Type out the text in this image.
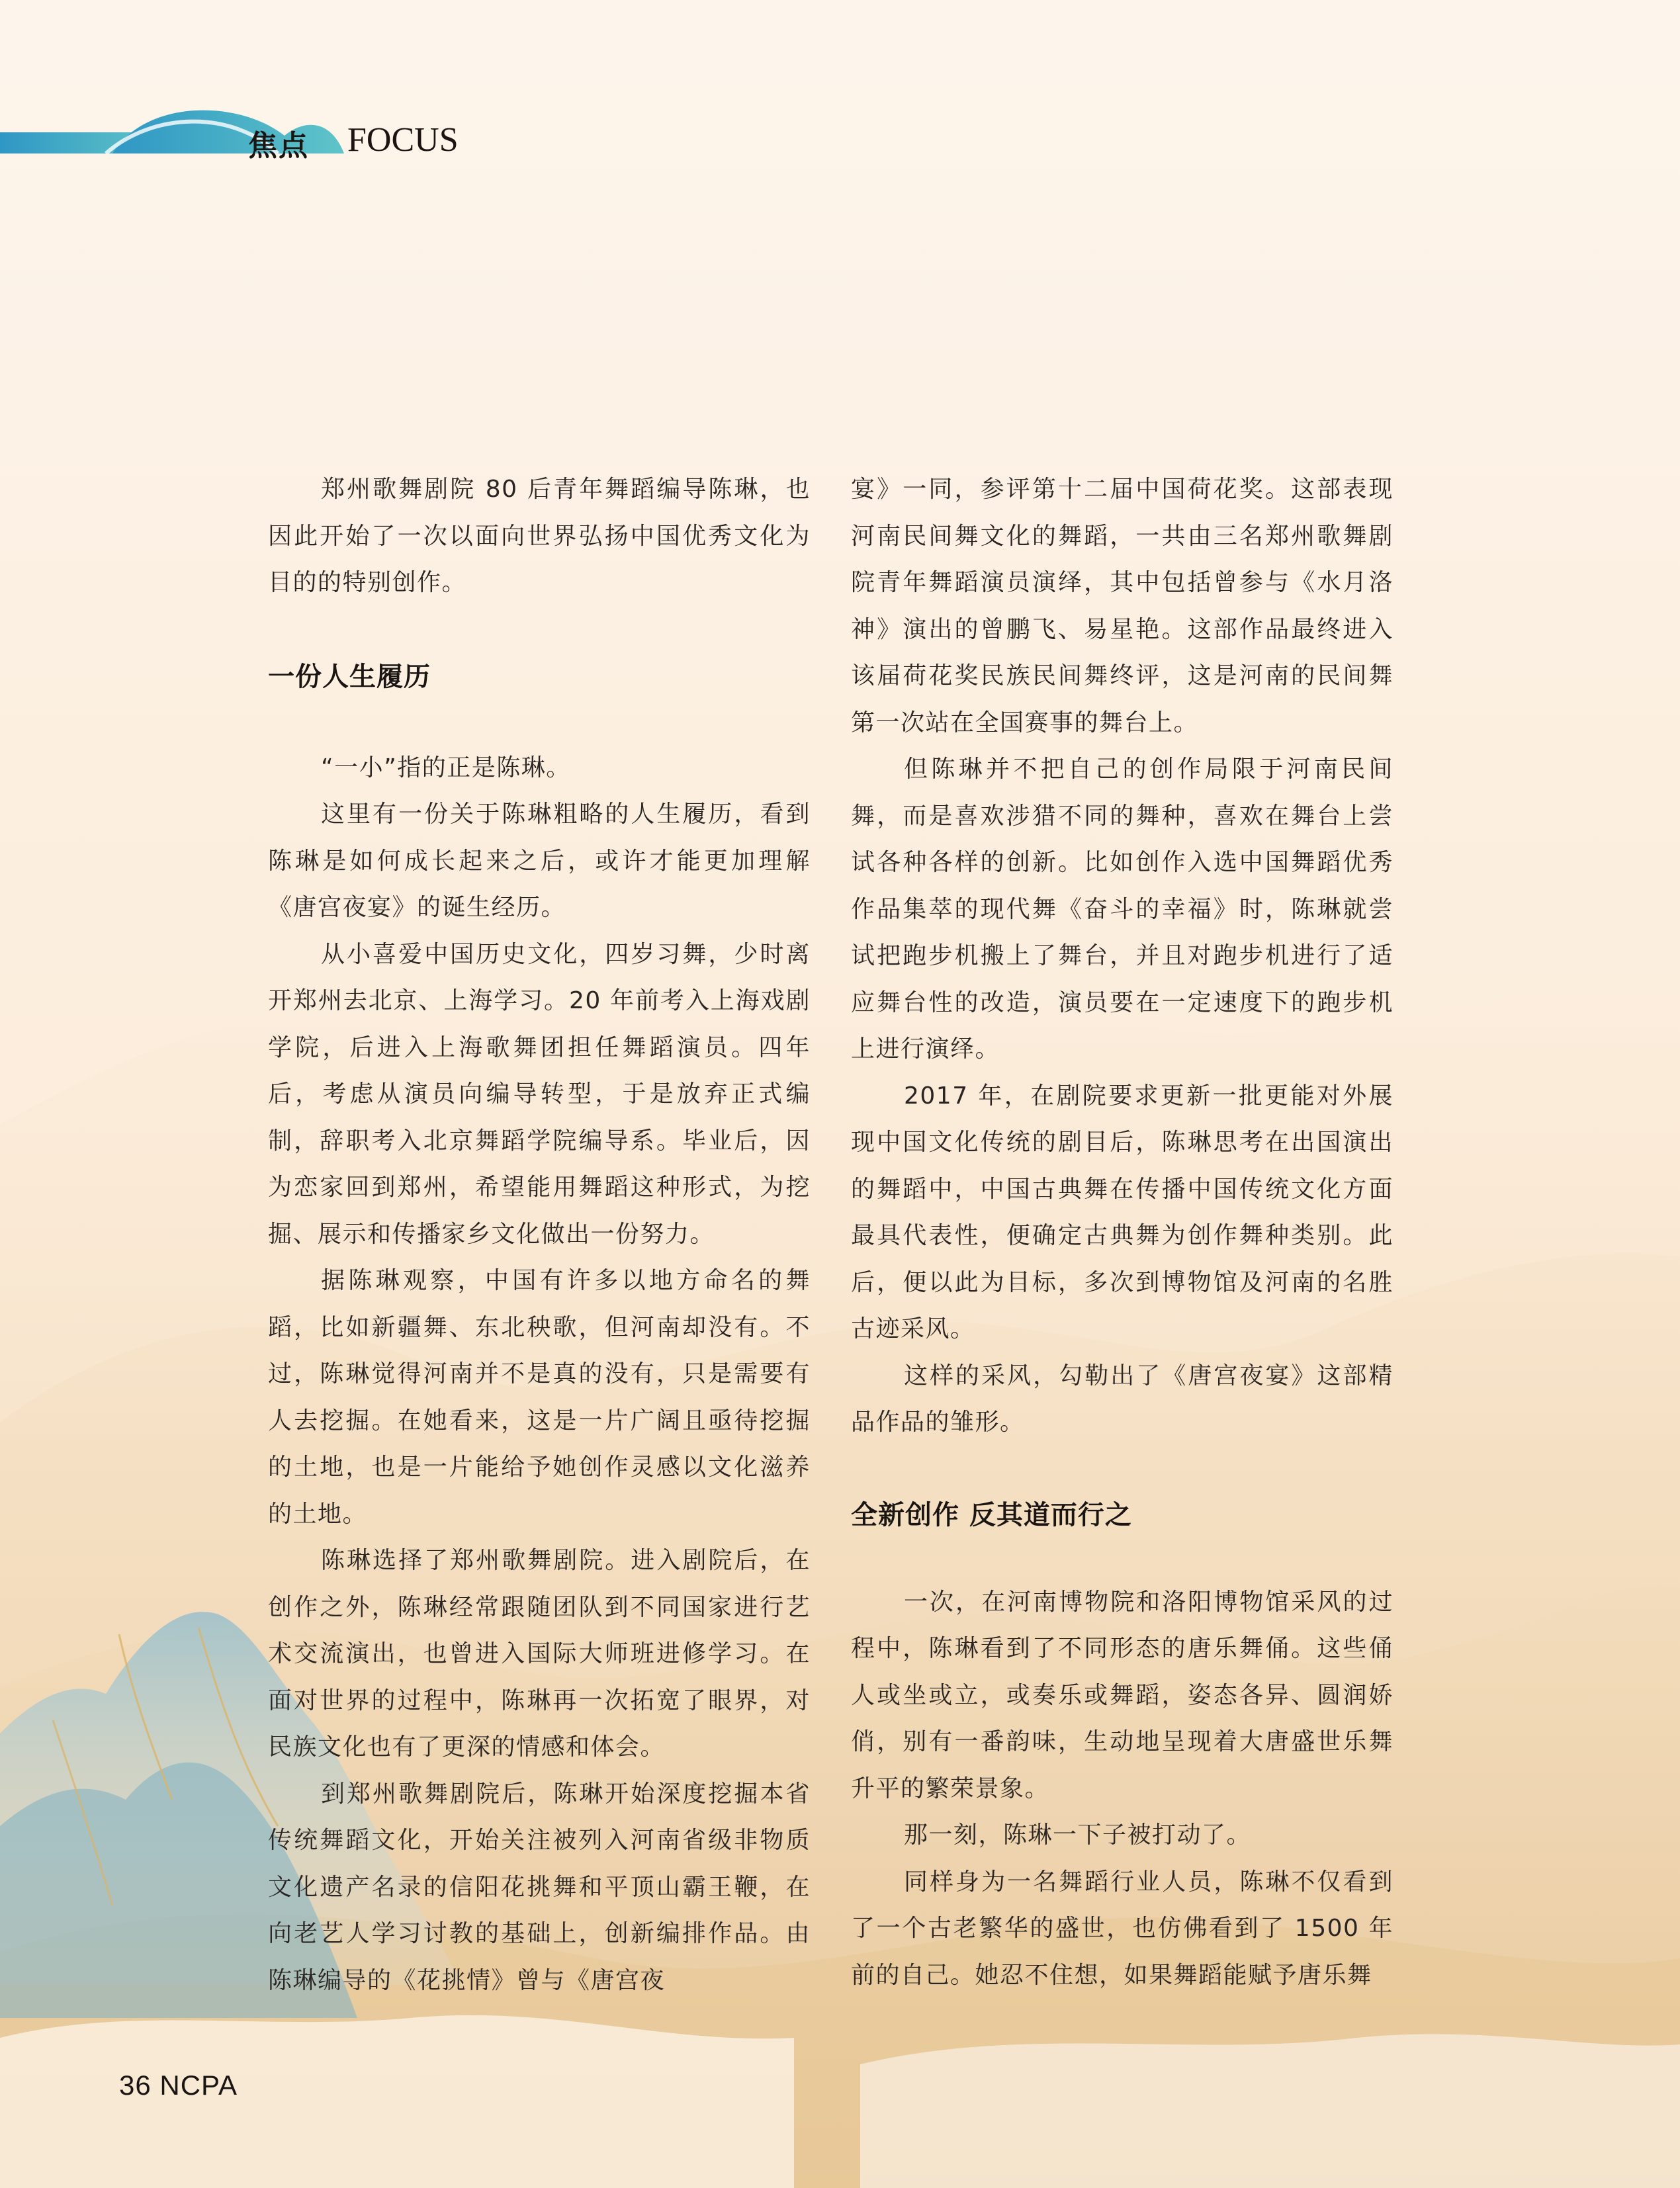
焦点 FOCUS

郑州歌舞剧院 80 后青年舞蹈编导陈琳，也因此开始了一次以面向世界弘扬中国优秀文化为目的的特别创作。

一份人生履历

“一小”指的正是陈琳。

这里有一份关于陈琳粗略的人生履历，看到陈琳是如何成长起来之后，或许才能更加理解《唐宫夜宴》的诞生经历。

从小喜爱中国历史文化，四岁习舞，少时离开郑州去北京、上海学习。20 年前考入上海戏剧学院，后进入上海歌舞团担任舞蹈演员。四年后，考虑从演员向编导转型，于是放弃正式编制，辞职考入北京舞蹈学院编导系。毕业后，因为恋家回到郑州，希望能用舞蹈这种形式，为挖掘、展示和传播家乡文化做出一份努力。

据陈琳观察，中国有许多以地方命名的舞蹈，比如新疆舞、东北秧歌，但河南却没有。不过，陈琳觉得河南并不是真的没有，只是需要有人去挖掘。在她看来，这是一片广阔且亟待挖掘的土地，也是一片能给予她创作灵感以文化滋养的土地。

陈琳选择了郑州歌舞剧院。进入剧院后，在创作之外，陈琳经常跟随团队到不同国家进行艺术交流演出，也曾进入国际大师班进修学习。在面对世界的过程中，陈琳再一次拓宽了眼界，对民族文化也有了更深的情感和体会。

到郑州歌舞剧院后，陈琳开始深度挖掘本省传统舞蹈文化，开始关注被列入河南省级非物质文化遗产名录的信阳花挑舞和平顶山霸王鞭，在向老艺人学习讨教的基础上，创新编排作品。由陈琳编导的《花挑情》曾与《唐宫夜

宴》一同，参评第十二届中国荷花奖。这部表现河南民间舞文化的舞蹈，一共由三名郑州歌舞剧院青年舞蹈演员演绎，其中包括曾参与《水月洛神》演出的曾鹏飞、易星艳。这部作品最终进入该届荷花奖民族民间舞终评，这是河南的民间舞第一次站在全国赛事的舞台上。

但陈琳并不把自己的创作局限于河南民间舞，而是喜欢涉猎不同的舞种，喜欢在舞台上尝试各种各样的创新。比如创作入选中国舞蹈优秀作品集萃的现代舞《奋斗的幸福》时，陈琳就尝试把跑步机搬上了舞台，并且对跑步机进行了适应舞台性的改造，演员要在一定速度下的跑步机上进行演绎。

2017 年，在剧院要求更新一批更能对外展现中国文化传统的剧目后，陈琳思考在出国演出的舞蹈中，中国古典舞在传播中国传统文化方面最具代表性，便确定古典舞为创作舞种类别。此后，便以此为目标，多次到博物馆及河南的名胜古迹采风。

这样的采风，勾勒出了《唐宫夜宴》这部精品作品的雏形。

全新创作 反其道而行之

一次，在河南博物院和洛阳博物馆采风的过程中，陈琳看到了不同形态的唐乐舞俑。这些俑人或坐或立，或奏乐或舞蹈，姿态各异、圆润娇俏，别有一番韵味，生动地呈现着大唐盛世乐舞升平的繁荣景象。

那一刻，陈琳一下子被打动了。

同样身为一名舞蹈行业人员，陈琳不仅看到了一个古老繁华的盛世，也仿佛看到了 1500 年前的自己。她忍不住想，如果舞蹈能赋予唐乐舞

36 NCPA
